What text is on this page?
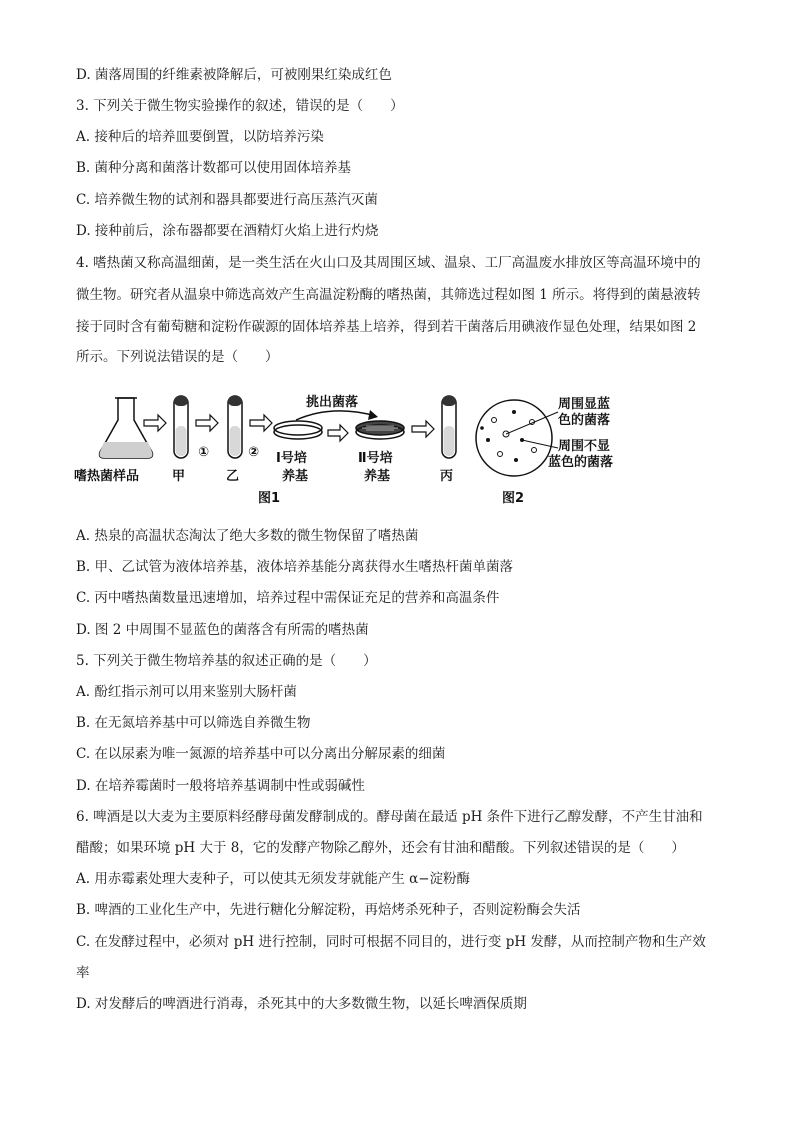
D. 菌落周围的纤维素被降解后，可被刚果红染成红色
3. 下列关于微生物实验操作的叙述，错误的是（　　）
A. 接种后的培养皿要倒置，以防培养污染
B. 菌种分离和菌落计数都可以使用固体培养基
C. 培养微生物的试剂和器具都要进行高压蒸汽灭菌
D. 接种前后，涂布器都要在酒精灯火焰上进行灼烧
4. 嗜热菌又称高温细菌，是一类生活在火山口及其周围区域、温泉、工厂高温废水排放区等高温环境中的
微生物。研究者从温泉中筛选高效产生高温淀粉酶的嗜热菌，其筛选过程如图 1 所示。将得到的菌悬液转
接于同时含有葡萄糖和淀粉作碳源的固体培养基上培养，得到若干菌落后用碘液作显色处理，结果如图 2
所示。下列说法错误的是（　　）
嗜热菌样品	甲
①
乙
②
挑出菌落
Ⅰ号培
养基
Ⅱ号培
养基	丙
图1
周围显蓝
色的菌落
周围不显
蓝色的菌落
图2
A. 热泉的高温状态淘汰了绝大多数的微生物保留了嗜热菌
B. 甲、乙试管为液体培养基，液体培养基能分离获得水生嗜热杆菌单菌落
C. 丙中嗜热菌数量迅速增加，培养过程中需保证充足的营养和高温条件
D. 图 2 中周围不显蓝色的菌落含有所需的嗜热菌
5. 下列关于微生物培养基的叙述正确的是（　　）
A. 酚红指示剂可以用来鉴别大肠杆菌
B. 在无氮培养基中可以筛选自养微生物
C. 在以尿素为唯一氮源的培养基中可以分离出分解尿素的细菌
D. 在培养霉菌时一般将培养基调制中性或弱碱性
6. 啤酒是以大麦为主要原料经酵母菌发酵制成的。酵母菌在最适 pH 条件下进行乙醇发酵，不产生甘油和
醋酸；如果环境 pH 大于 8，它的发酵产物除乙醇外，还会有甘油和醋酸。下列叙述错误的是（　　）
A. 用赤霉素处理大麦种子，可以使其无须发芽就能产生 α−淀粉酶
B. 啤酒的工业化生产中，先进行糖化分解淀粉，再焙烤杀死种子，否则淀粉酶会失活
C. 在发酵过程中，必须对 pH 进行控制，同时可根据不同目的，进行变 pH 发酵，从而控制产物和生产效
率
D. 对发酵后的啤酒进行消毒，杀死其中的大多数微生物，以延长啤酒保质期
